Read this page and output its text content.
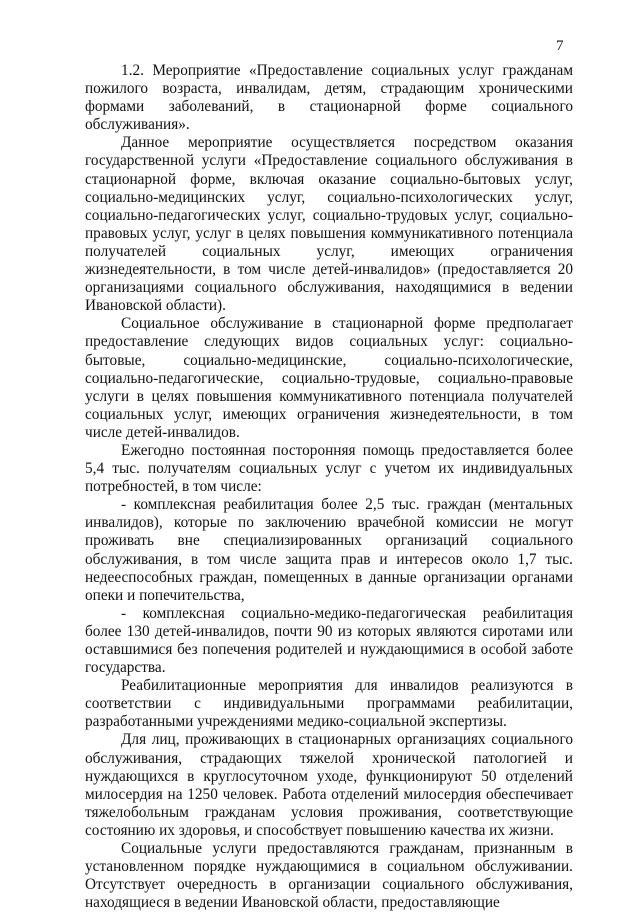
7

1.2. Мероприятие «Предоставление социальных услуг гражданам пожилого возраста, инвалидам, детям, страдающим хроническими формами заболеваний, в стационарной форме социального обслуживания».

Данное мероприятие осуществляется посредством оказания государственной услуги «Предоставление социального обслуживания в стационарной форме, включая оказание социально-бытовых услуг, социально-медицинских услуг, социально-психологических услуг, социально-педагогических услуг, социально-трудовых услуг, социально-правовых услуг, услуг в целях повышения коммуникативного потенциала получателей социальных услуг, имеющих ограничения жизнедеятельности, в том числе детей-инвалидов» (предоставляется 20 организациями социального обслуживания, находящимися в ведении Ивановской области).

Социальное обслуживание в стационарной форме предполагает предоставление следующих видов социальных услуг: социально-бытовые, социально-медицинские, социально-психологические, социально-педагогические, социально-трудовые, социально-правовые услуги в целях повышения коммуникативного потенциала получателей социальных услуг, имеющих ограничения жизнедеятельности, в том числе детей-инвалидов.

Ежегодно постоянная посторонняя помощь предоставляется более 5,4 тыс. получателям социальных услуг с учетом их индивидуальных потребностей, в том числе:

- комплексная реабилитация более 2,5 тыс. граждан (ментальных инвалидов), которые по заключению врачебной комиссии не могут проживать вне специализированных организаций социального обслуживания, в том числе защита прав и интересов около 1,7 тыс. недееспособных граждан, помещенных в данные организации органами опеки и попечительства,

- комплексная социально-медико-педагогическая реабилитация более 130 детей-инвалидов, почти 90 из которых являются сиротами или оставшимися без попечения родителей и нуждающимися в особой заботе государства.

Реабилитационные мероприятия для инвалидов реализуются в соответствии с индивидуальными программами реабилитации, разработанными учреждениями медико-социальной экспертизы.

Для лиц, проживающих в стационарных организациях социального обслуживания, страдающих тяжелой хронической патологией и нуждающихся в круглосуточном уходе, функционируют 50 отделений милосердия на 1250 человек. Работа отделений милосердия обеспечивает тяжелобольным гражданам условия проживания, соответствующие состоянию их здоровья, и способствует повышению качества их жизни.

Социальные услуги предоставляются гражданам, признанным в установленном порядке нуждающимися в социальном обслуживании. Отсутствует очередность в организации социального обслуживания, находящиеся в ведении Ивановской области, предоставляющие
